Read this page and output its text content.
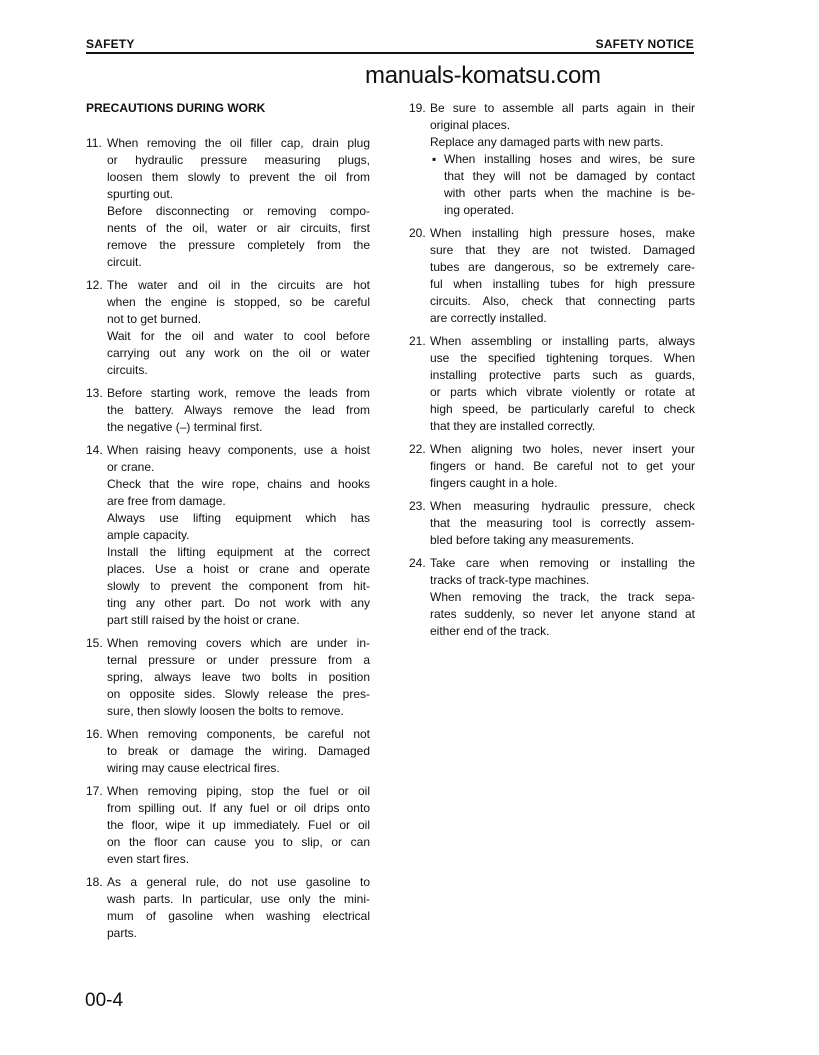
SAFETY	SAFETY NOTICE
PRECAUTIONS DURING WORK
manuals-komatsu.com
11. When removing the oil filler cap, drain plug
or hydraulic pressure measuring plugs,
loosen them slowly to prevent the oil from
spurting out.
Before disconnecting or removing compo-
nents of the oil, water or air circuits, first
remove the pressure completely from the
circuit.
12. The water and oil in the circuits are hot
when the engine is stopped, so be careful
not to get burned.
Wait for the oil and water to cool before
carrying out any work on the oil or water
circuits.
13. Before starting work, remove the leads from
the battery. Always remove the lead from
the negative (–) terminal first.
14. When raising heavy components, use a hoist
or crane.
Check that the wire rope, chains and hooks
are free from damage.
Always use lifting equipment which has
ample capacity.
Install the lifting equipment at the correct
places. Use a hoist or crane and operate
slowly to prevent the component from hit-
ting any other part. Do not work with any
part still raised by the hoist or crane.
15. When removing covers which are under in-
ternal pressure or under pressure from a
spring, always leave two bolts in position
on opposite sides. Slowly release the pres-
sure, then slowly loosen the bolts to remove.
16. When removing components, be careful not
to break or damage the wiring. Damaged
wiring may cause electrical fires.
17. When removing piping, stop the fuel or oil
from spilling out. If any fuel or oil drips onto
the floor, wipe it up immediately. Fuel or oil
on the floor can cause you to slip, or can
even start fires.
18. As a general rule, do not use gasoline to
wash parts. In particular, use only the mini-
mum of gasoline when washing electrical
parts.
19. Be sure to assemble all parts again in their
original places.
Replace any damaged parts with new parts.
▪ When installing hoses and wires, be sure
that they will not be damaged by contact
with other parts when the machine is be-
ing operated.
20. When installing high pressure hoses, make
sure that they are not twisted. Damaged
tubes are dangerous, so be extremely care-
ful when installing tubes for high pressure
circuits. Also, check that connecting parts
are correctly installed.
21. When assembling or installing parts, always
use the specified tightening torques. When
installing protective parts such as guards,
or parts which vibrate violently or rotate at
high speed, be particularly careful to check
that they are installed correctly.
22. When aligning two holes, never insert your
fingers or hand. Be careful not to get your
fingers caught in a hole.
23. When measuring hydraulic pressure, check
that the measuring tool is correctly assem-
bled before taking any measurements.
24. Take care when removing or installing the
tracks of track-type machines.
When removing the track, the track sepa-
rates suddenly, so never let anyone stand at
either end of the track.
00-4
